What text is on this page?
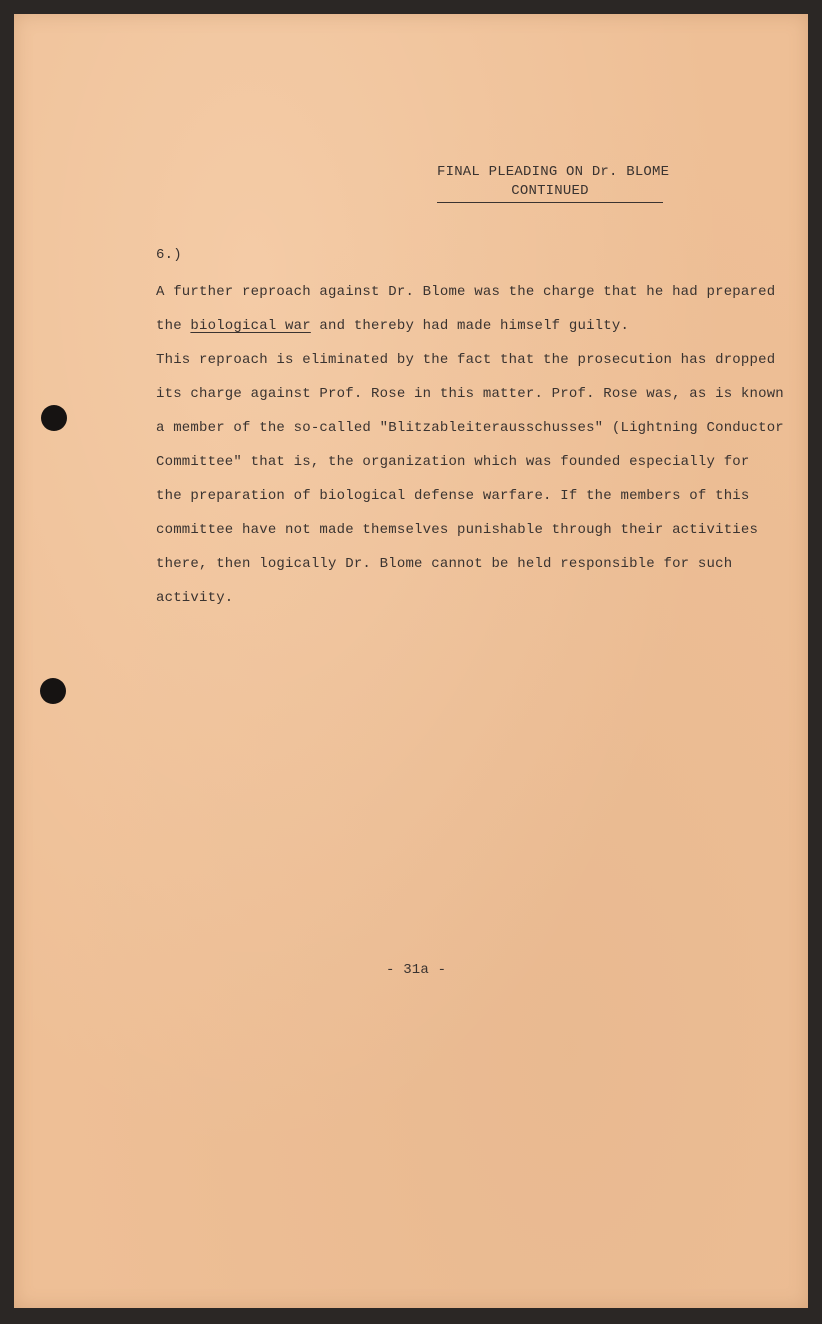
FINAL PLEADING ON Dr. BLOME
CONTINUED
6.)
A further reproach against Dr. Blome was the charge that he had prepared
the biological war and thereby had made himself guilty.
This reproach is eliminated by the fact that the prosecution has dropped
its charge against Prof. Rose in this matter. Prof. Rose was, as is known
a member of the so-called "Blitzableiterausschusses" (Lightning Conductor
Committee" that is, the organization which was founded especially for
the preparation of biological defense warfare. If the members of this
committee have not made themselves punishable through their activities
there, then logically Dr. Blome cannot be held responsible for such
activity.
- 31a -
